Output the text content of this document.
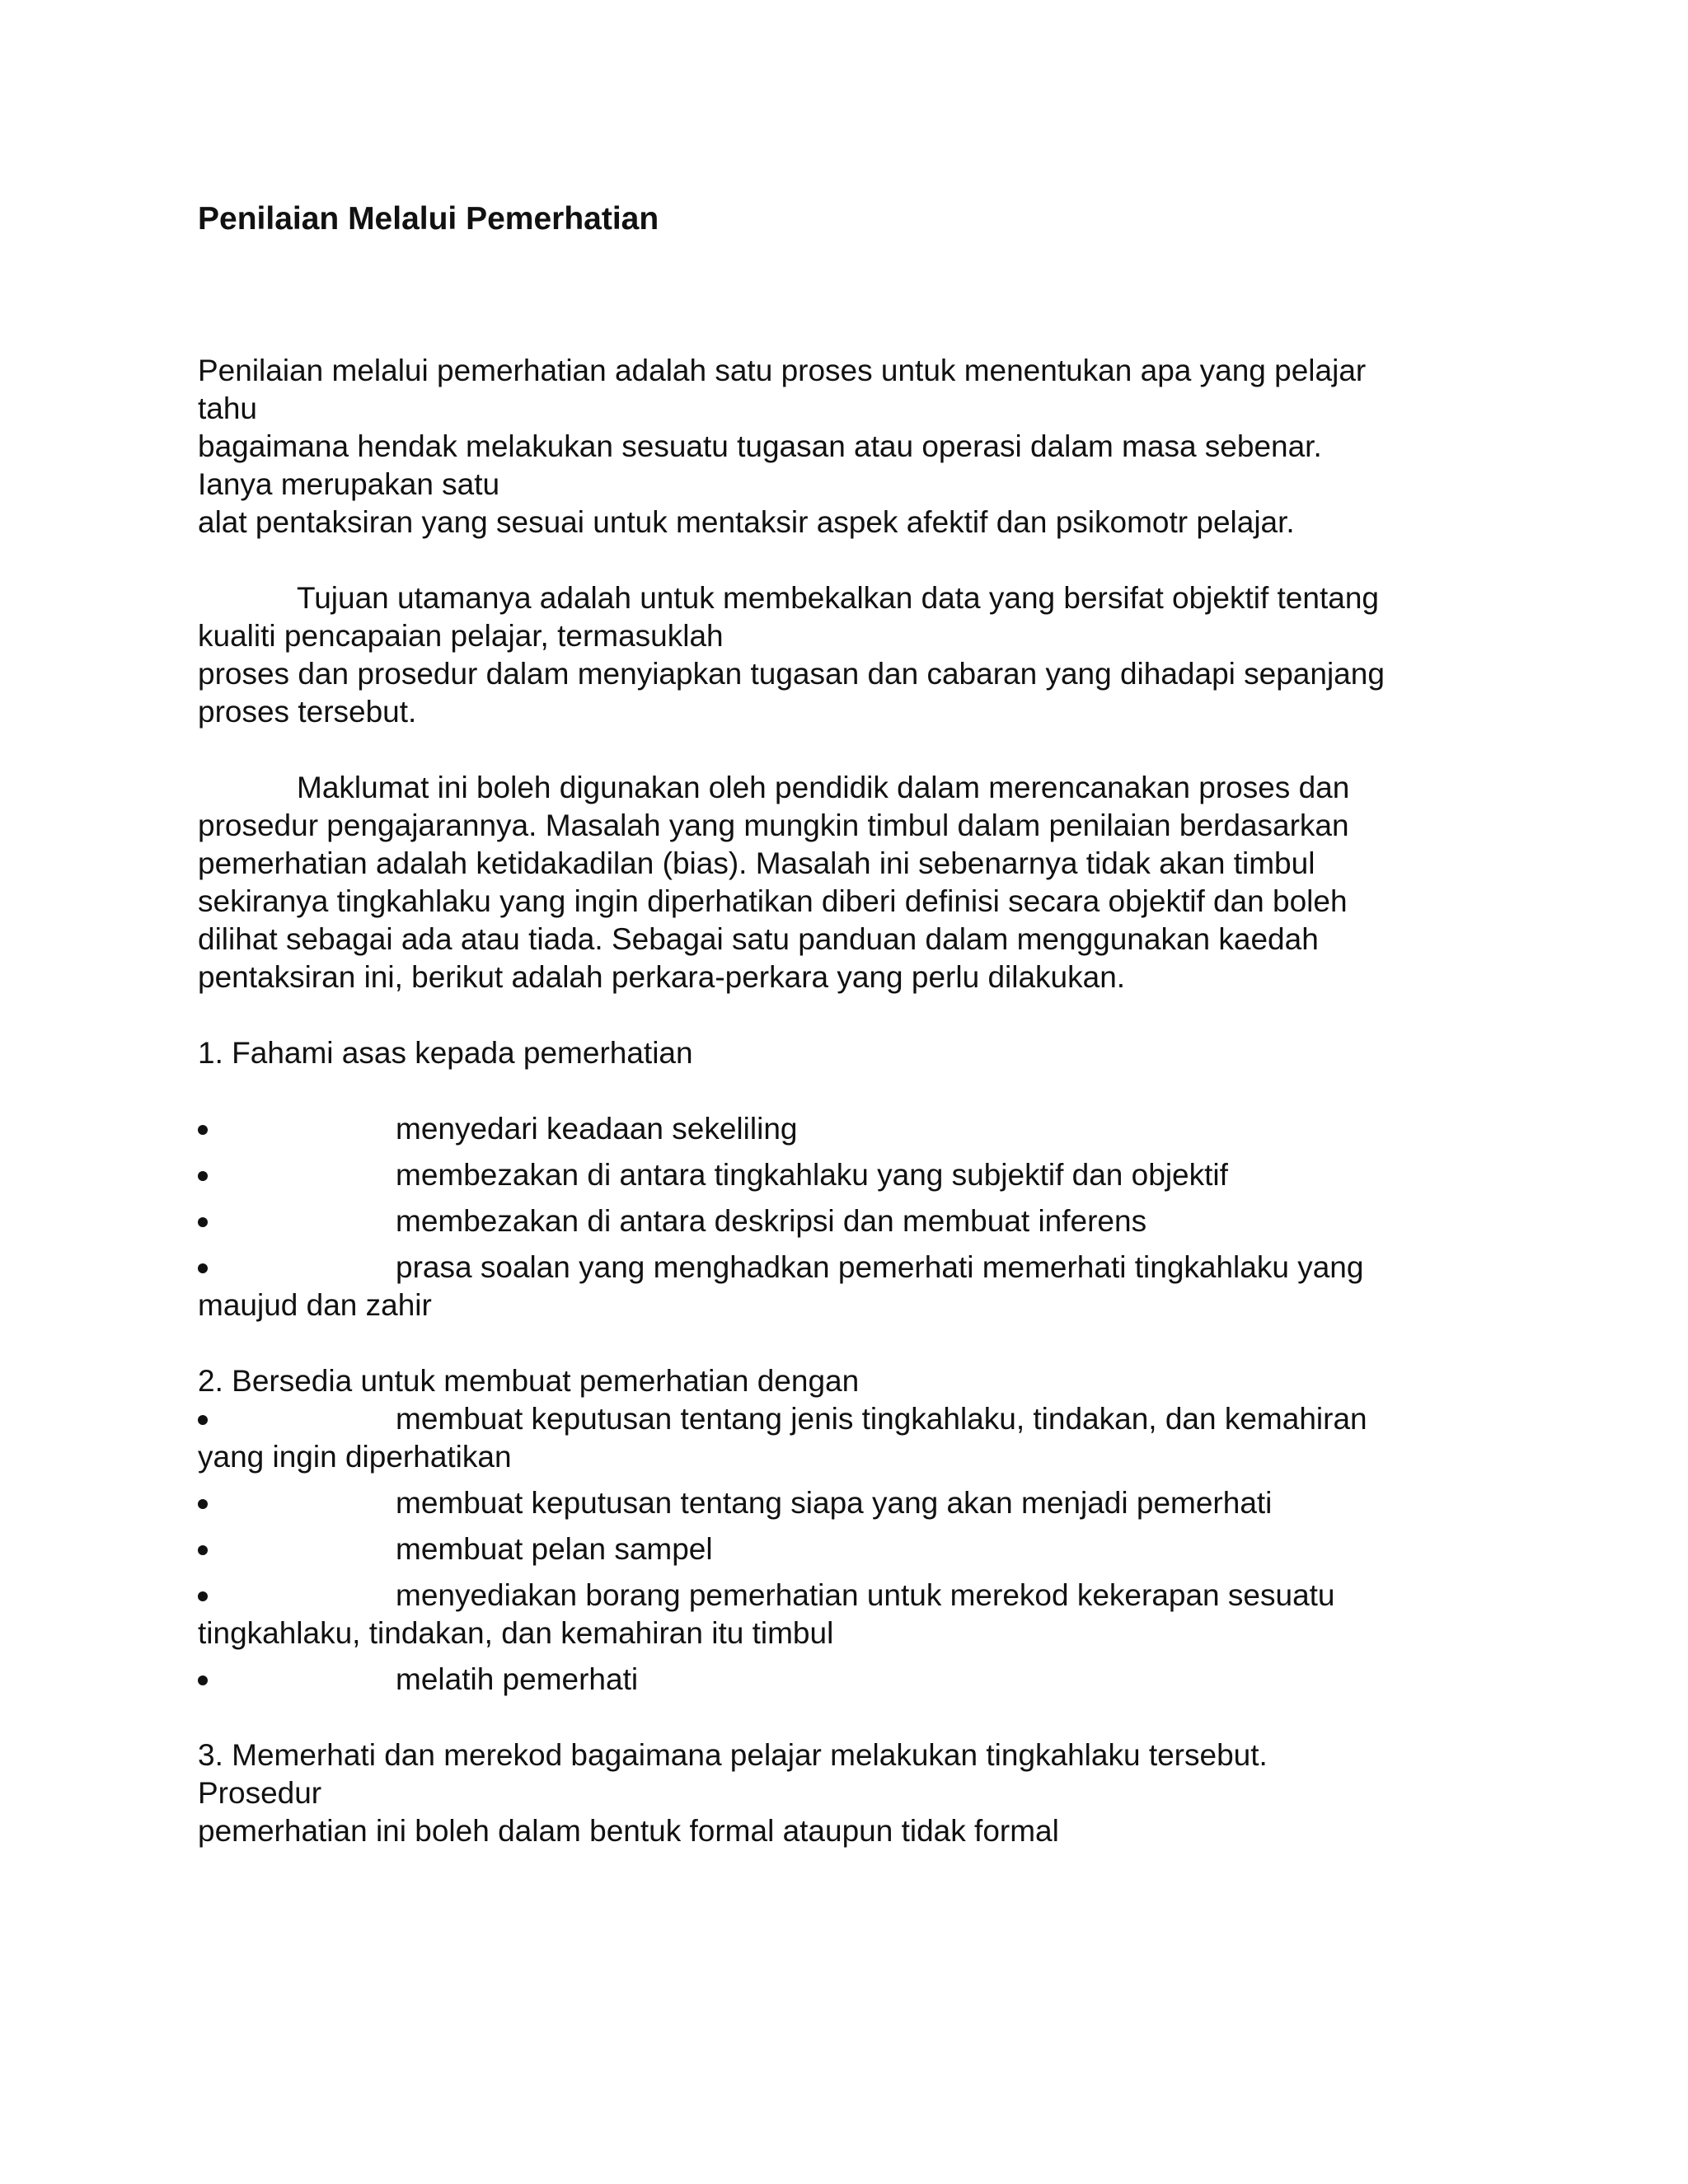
Penilaian Melalui Pemerhatian

Penilaian melalui pemerhatian adalah satu proses untuk menentukan apa yang pelajar

tahu

bagaimana hendak melakukan sesuatu tugasan atau operasi dalam masa sebenar.

Ianya merupakan satu

alat pentaksiran yang sesuai untuk mentaksir aspek afektif dan psikomotr pelajar.

Tujuan utamanya adalah untuk membekalkan data yang bersifat objektif tentang

kualiti pencapaian pelajar, termasuklah

proses dan prosedur dalam menyiapkan tugasan dan cabaran yang dihadapi sepanjang

proses tersebut.

Maklumat ini boleh digunakan oleh pendidik dalam merencanakan proses dan

prosedur pengajarannya. Masalah yang mungkin timbul dalam penilaian berdasarkan

pemerhatian adalah ketidakadilan (bias). Masalah ini sebenarnya tidak akan timbul

sekiranya tingkahlaku yang ingin diperhatikan diberi definisi secara objektif dan boleh

dilihat sebagai ada atau tiada. Sebagai satu panduan dalam menggunakan kaedah

pentaksiran ini, berikut adalah perkara-perkara yang perlu dilakukan.

1. Fahami asas kepada pemerhatian

menyedari keadaan sekeliling
membezakan di antara tingkahlaku yang subjektif dan objektif
membezakan di antara deskripsi dan membuat inferens
prasa soalan yang menghadkan pemerhati memerhati tingkahlaku yang

maujud dan zahir

2. Bersedia untuk membuat pemerhatian dengan

membuat keputusan tentang jenis tingkahlaku, tindakan, dan kemahiran

yang ingin diperhatikan

membuat keputusan tentang siapa yang akan menjadi pemerhati
membuat pelan sampel
menyediakan borang pemerhatian untuk merekod kekerapan sesuatu

tingkahlaku, tindakan, dan kemahiran itu timbul

melatih pemerhati

3. Memerhati dan merekod bagaimana pelajar melakukan tingkahlaku tersebut.

Prosedur

pemerhatian ini boleh dalam bentuk formal ataupun tidak formal
